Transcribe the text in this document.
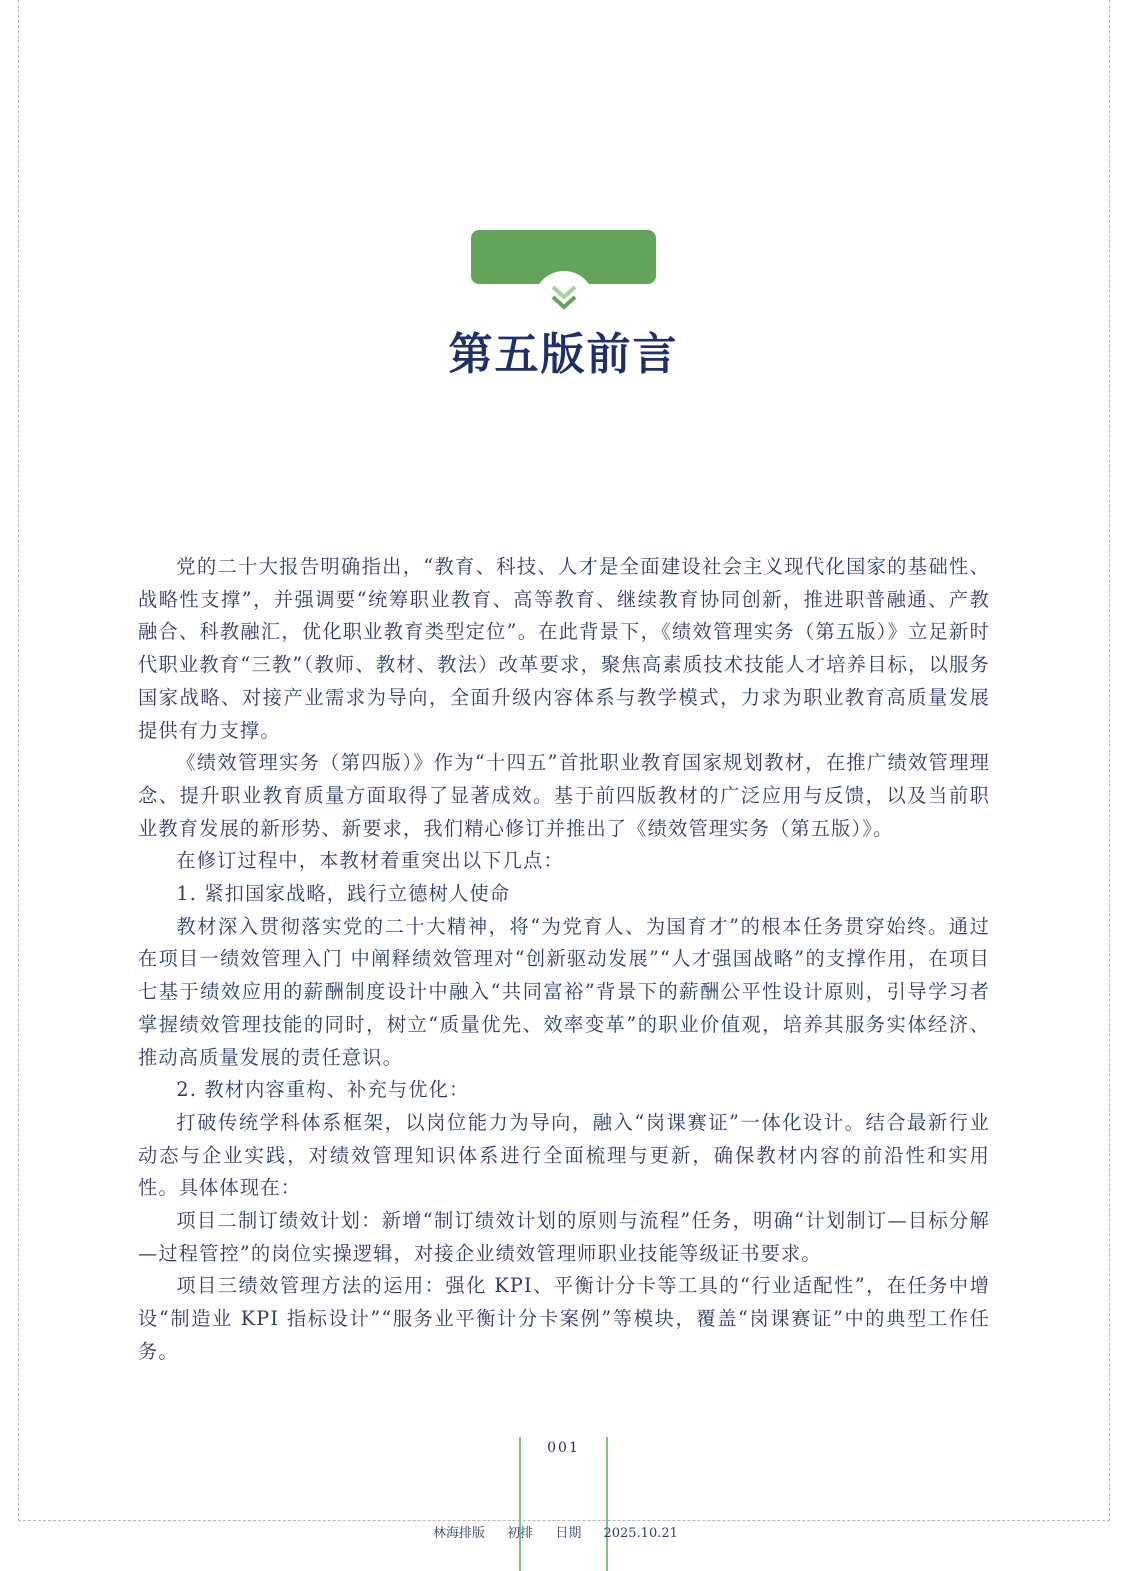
第五版前言

党的二十大报告明确指出，“教育、科技、人才是全面建设社会主义现代化国家的基础性、战略性支撑”，并强调要“统筹职业教育、高等教育、继续教育协同创新，推进职普融通、产教融合、科教融汇，优化职业教育类型定位”。在此背景下，《绩效管理实务（第五版）》立足新时代职业教育“三教”（教师、教材、教法）改革要求，聚焦高素质技术技能人才培养目标，以服务国家战略、对接产业需求为导向，全面升级内容体系与教学模式，力求为职业教育高质量发展提供有力支撑。

《绩效管理实务（第四版）》作为“十四五”首批职业教育国家规划教材，在推广绩效管理理念、提升职业教育质量方面取得了显著成效。基于前四版教材的广泛应用与反馈，以及当前职业教育发展的新形势、新要求，我们精心修订并推出了《绩效管理实务（第五版）》。

在修订过程中，本教材着重突出以下几点：

1. 紧扣国家战略，践行立德树人使命

教材深入贯彻落实党的二十大精神，将“为党育人、为国育才”的根本任务贯穿始终。通过在项目一绩效管理入门 中阐释绩效管理对“创新驱动发展”“人才强国战略”的支撑作用，在项目七基于绩效应用的薪酬制度设计中融入“共同富裕”背景下的薪酬公平性设计原则，引导学习者掌握绩效管理技能的同时，树立“质量优先、效率变革”的职业价值观，培养其服务实体经济、推动高质量发展的责任意识。

2. 教材内容重构、补充与优化：

打破传统学科体系框架，以岗位能力为导向，融入“岗课赛证”一体化设计。结合最新行业动态与企业实践，对绩效管理知识体系进行全面梳理与更新，确保教材内容的前沿性和实用性。具体体现在：

项目二制订绩效计划：新增“制订绩效计划的原则与流程”任务，明确“计划制订—目标分解—过程管控”的岗位实操逻辑，对接企业绩效管理师职业技能等级证书要求。

项目三绩效管理方法的运用：强化 KPI、平衡计分卡等工具的“行业适配性”，在任务中增设“制造业 KPI 指标设计”“服务业平衡计分卡案例”等模块，覆盖“岗课赛证”中的典型工作任务。

001
林海排版 初排 日期 2025.10.21
